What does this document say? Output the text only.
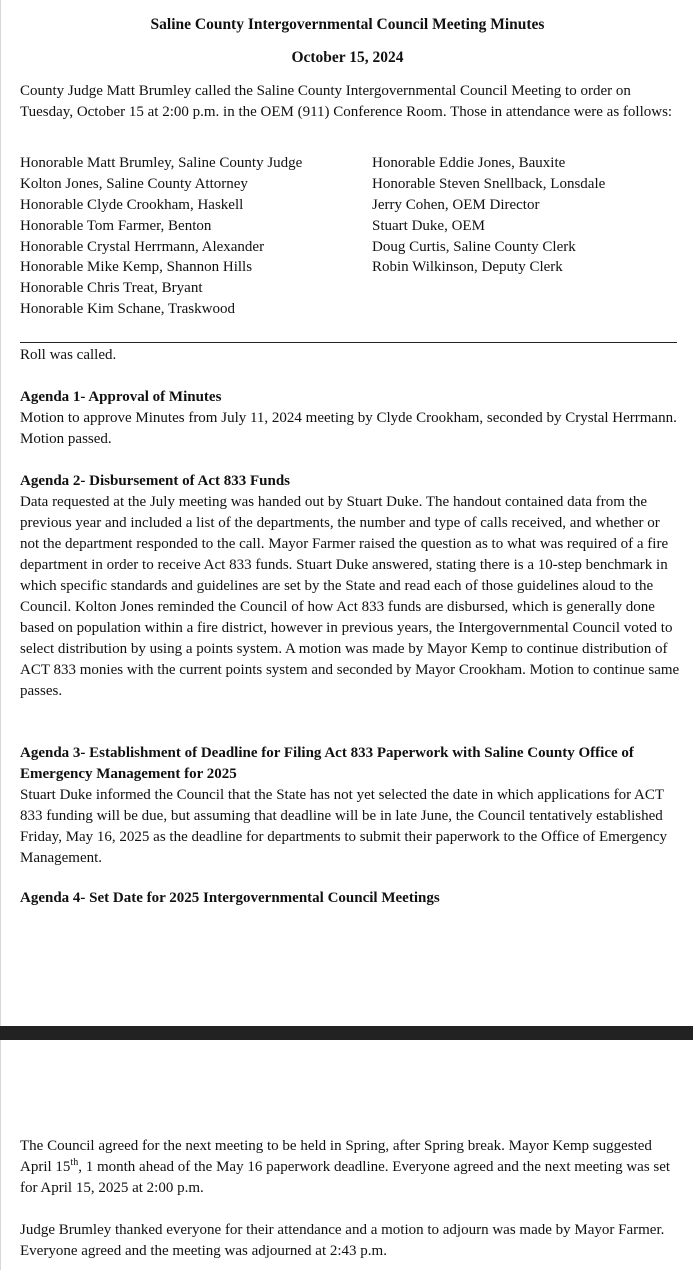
Saline County Intergovernmental Council Meeting Minutes
October 15, 2024

County Judge Matt Brumley called the Saline County Intergovernmental Council Meeting to order on Tuesday, October 15 at 2:00 p.m. in the OEM (911) Conference Room. Those in attendance were as follows:

Honorable Matt Brumley, Saline County Judge
Kolton Jones, Saline County Attorney
Honorable Clyde Crookham, Haskell
Honorable Tom Farmer, Benton
Honorable Crystal Herrmann, Alexander
Honorable Mike Kemp, Shannon Hills
Honorable Chris Treat, Bryant
Honorable Kim Schane, Traskwood
Honorable Eddie Jones, Bauxite
Honorable Steven Snellback, Lonsdale
Jerry Cohen, OEM Director
Stuart Duke, OEM
Doug Curtis, Saline County Clerk
Robin Wilkinson, Deputy Clerk

Roll was called.

Agenda 1- Approval of Minutes

Motion to approve Minutes from July 11, 2024 meeting by Clyde Crookham, seconded by Crystal Herrmann. Motion passed.

Agenda 2- Disbursement of Act 833 Funds

Data requested at the July meeting was handed out by Stuart Duke. The handout contained data from the previous year and included a list of the departments, the number and type of calls received, and whether or not the department responded to the call. Mayor Farmer raised the question as to what was required of a fire department in order to receive Act 833 funds. Stuart Duke answered, stating there is a 10-step benchmark in which specific standards and guidelines are set by the State and read each of those guidelines aloud to the Council. Kolton Jones reminded the Council of how Act 833 funds are disbursed, which is generally done based on population within a fire district, however in previous years, the Intergovernmental Council voted to select distribution by using a points system. A motion was made by Mayor Kemp to continue distribution of ACT 833 monies with the current points system and seconded by Mayor Crookham. Motion to continue same passes.

Agenda 3- Establishment of Deadline for Filing Act 833 Paperwork with Saline County Office of Emergency Management for 2025

Stuart Duke informed the Council that the State has not yet selected the date in which applications for ACT 833 funding will be due, but assuming that deadline will be in late June, the Council tentatively established Friday, May 16, 2025 as the deadline for departments to submit their paperwork to the Office of Emergency Management.

Agenda 4- Set Date for 2025 Intergovernmental Council Meetings

The Council agreed for the next meeting to be held in Spring, after Spring break. Mayor Kemp suggested April 15th, 1 month ahead of the May 16 paperwork deadline. Everyone agreed and the next meeting was set for April 15, 2025 at 2:00 p.m.

Judge Brumley thanked everyone for their attendance and a motion to adjourn was made by Mayor Farmer. Everyone agreed and the meeting was adjourned at 2:43 p.m.
